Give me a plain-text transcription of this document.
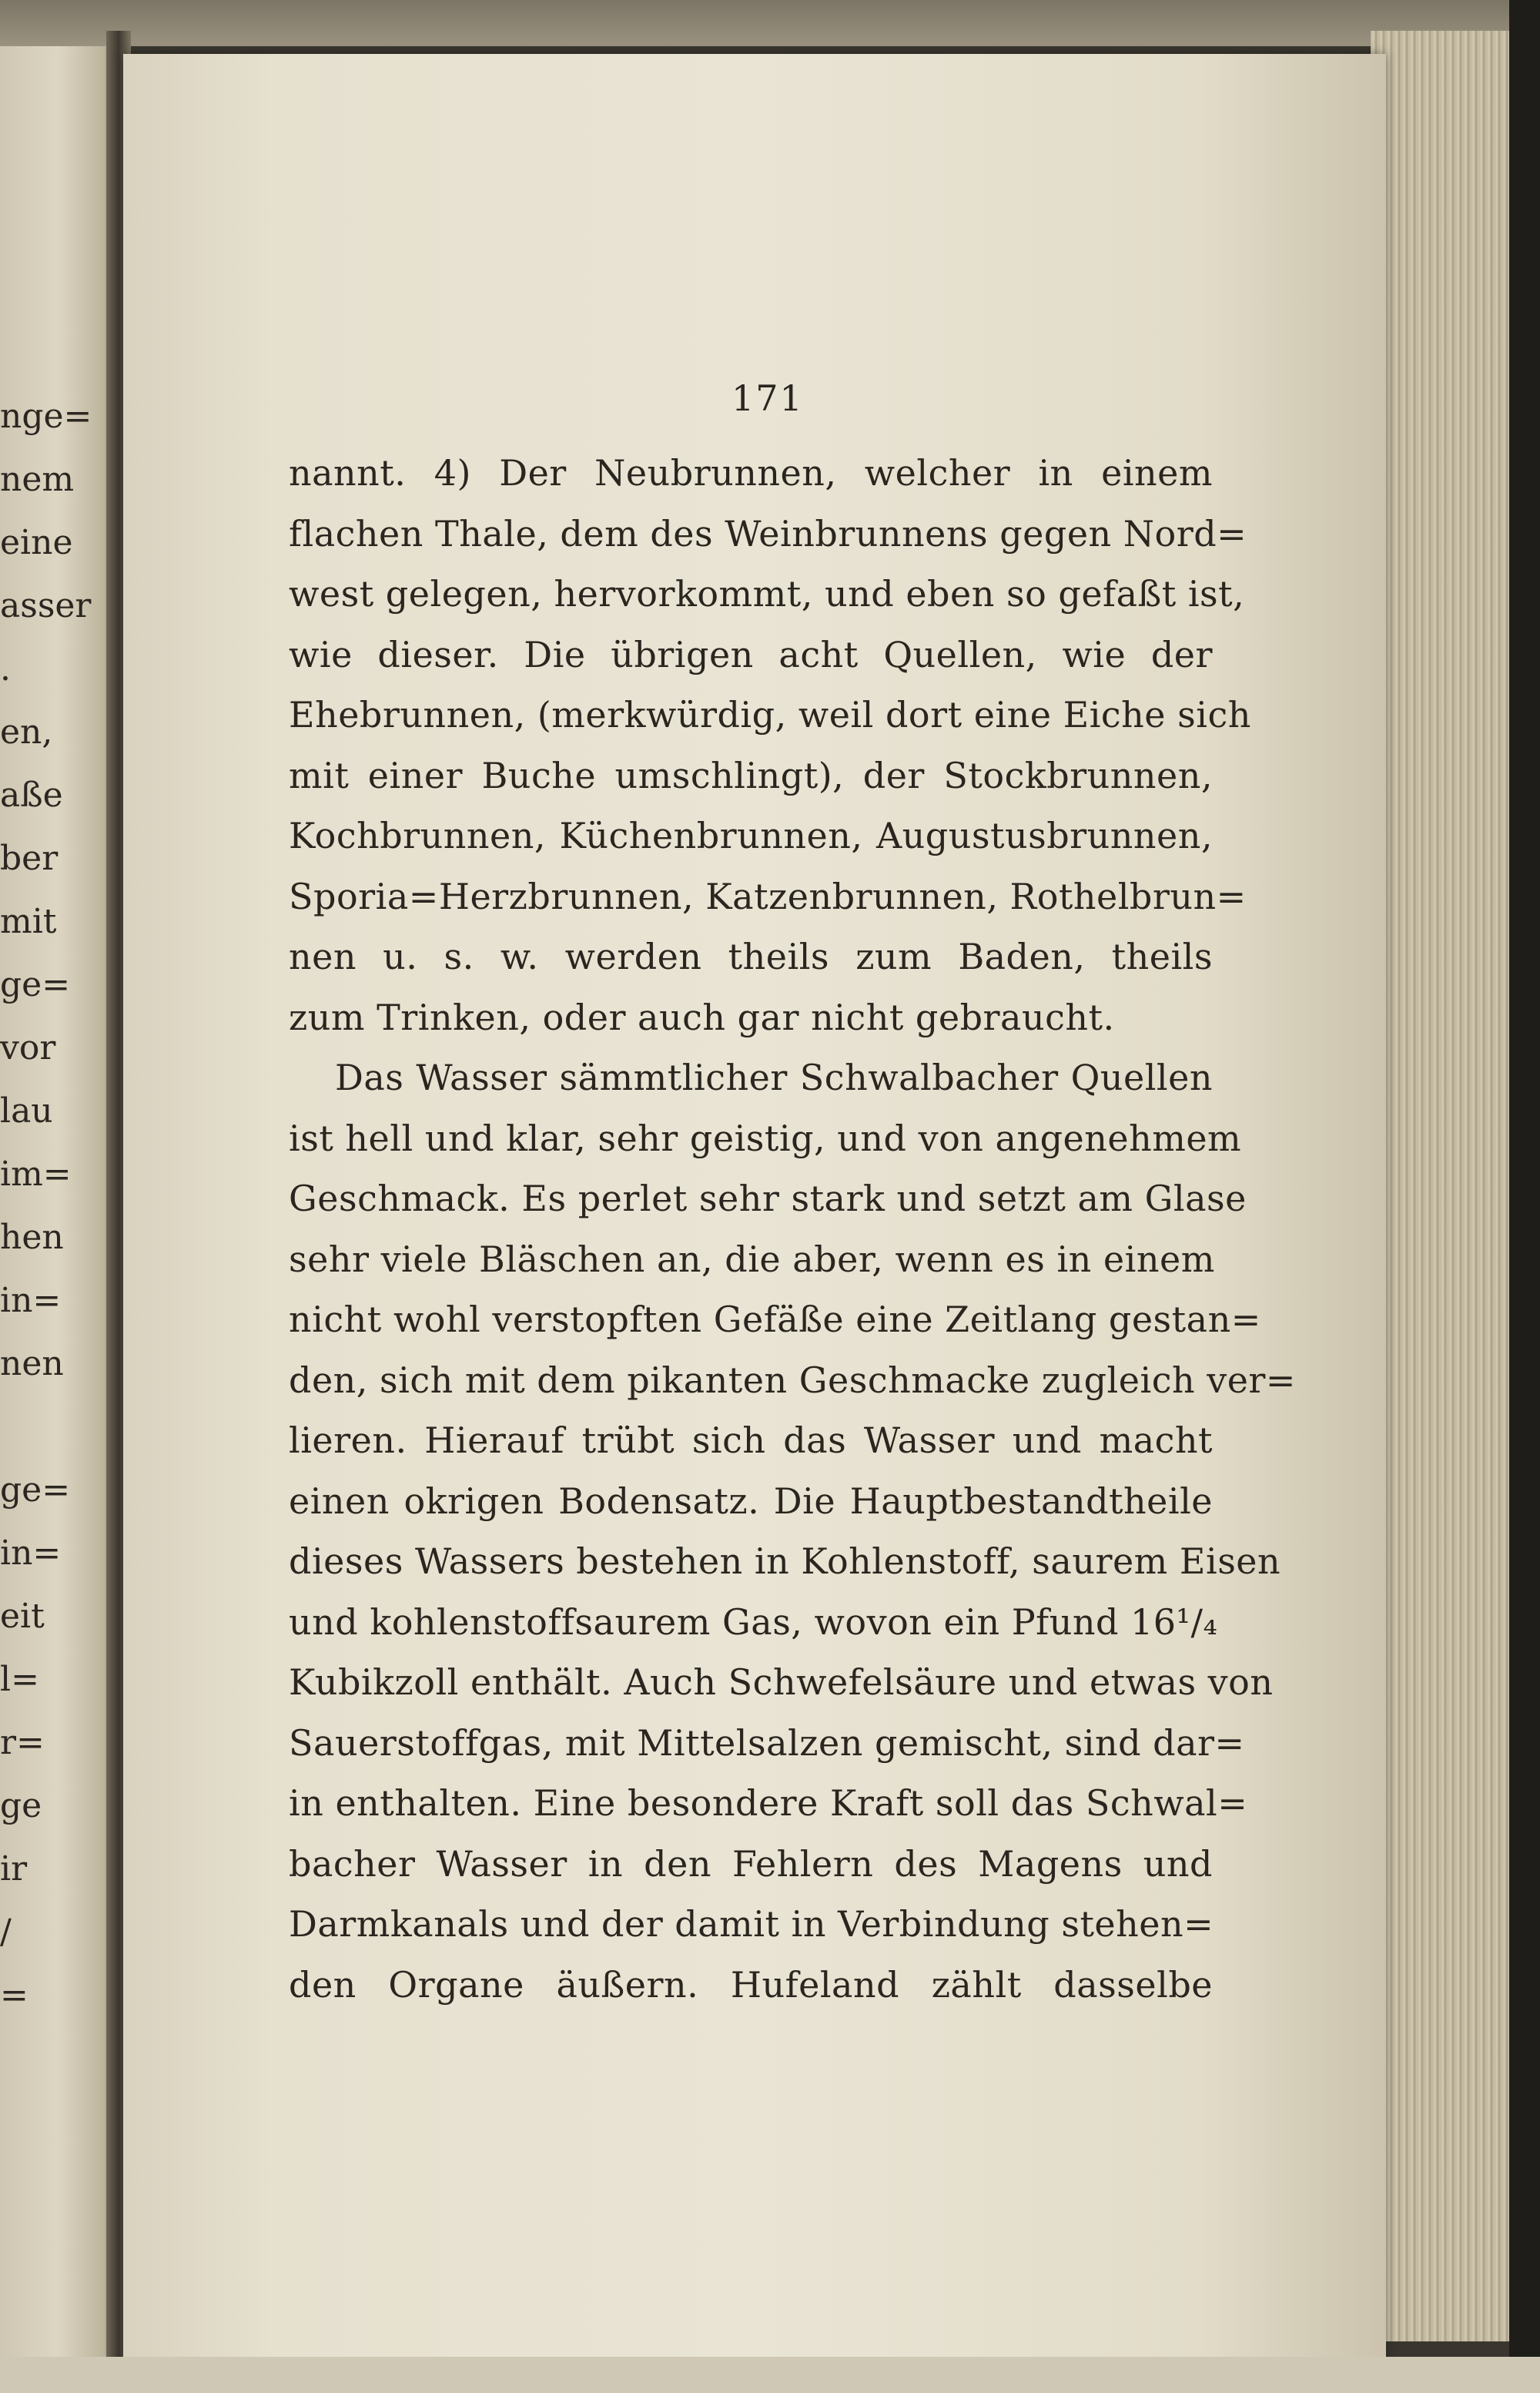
nge=
nem
eine
asser
.
en,
aße
ber
mit
ge=
vor
lau
im=
hen
in=
nen
ge=
in=
eit
l=
r=
ge
ir
/
=
171
nannt. 4) Der Neubrunnen, welcher in einem
flachen Thale, dem des Weinbrunnens gegen Nord=
west gelegen, hervorkommt, und eben so gefaßt ist,
wie dieser. Die übrigen acht Quellen, wie der
Ehebrunnen, (merkwürdig, weil dort eine Eiche sich
mit einer Buche umschlingt), der Stockbrunnen,
Kochbrunnen, Küchenbrunnen, Augustusbrunnen,
Sporia=Herzbrunnen, Katzenbrunnen, Rothelbrun=
nen u. s. w. werden theils zum Baden, theils
zum Trinken, oder auch gar nicht gebraucht.
Das Wasser sämmtlicher Schwalbacher Quellen
ist hell und klar, sehr geistig, und von angenehmem
Geschmack. Es perlet sehr stark und setzt am Glase
sehr viele Bläschen an, die aber, wenn es in einem
nicht wohl verstopften Gefäße eine Zeitlang gestan=
den, sich mit dem pikanten Geschmacke zugleich ver=
lieren. Hierauf trübt sich das Wasser und macht
einen okrigen Bodensatz. Die Hauptbestandtheile
dieses Wassers bestehen in Kohlenstoff, saurem Eisen
und kohlenstoffsaurem Gas, wovon ein Pfund 16¹/₄
Kubikzoll enthält. Auch Schwefelsäure und etwas von
Sauerstoffgas, mit Mittelsalzen gemischt, sind dar=
in enthalten. Eine besondere Kraft soll das Schwal=
bacher Wasser in den Fehlern des Magens und
Darmkanals und der damit in Verbindung stehen=
den Organe äußern. Hufeland zählt dasselbe
